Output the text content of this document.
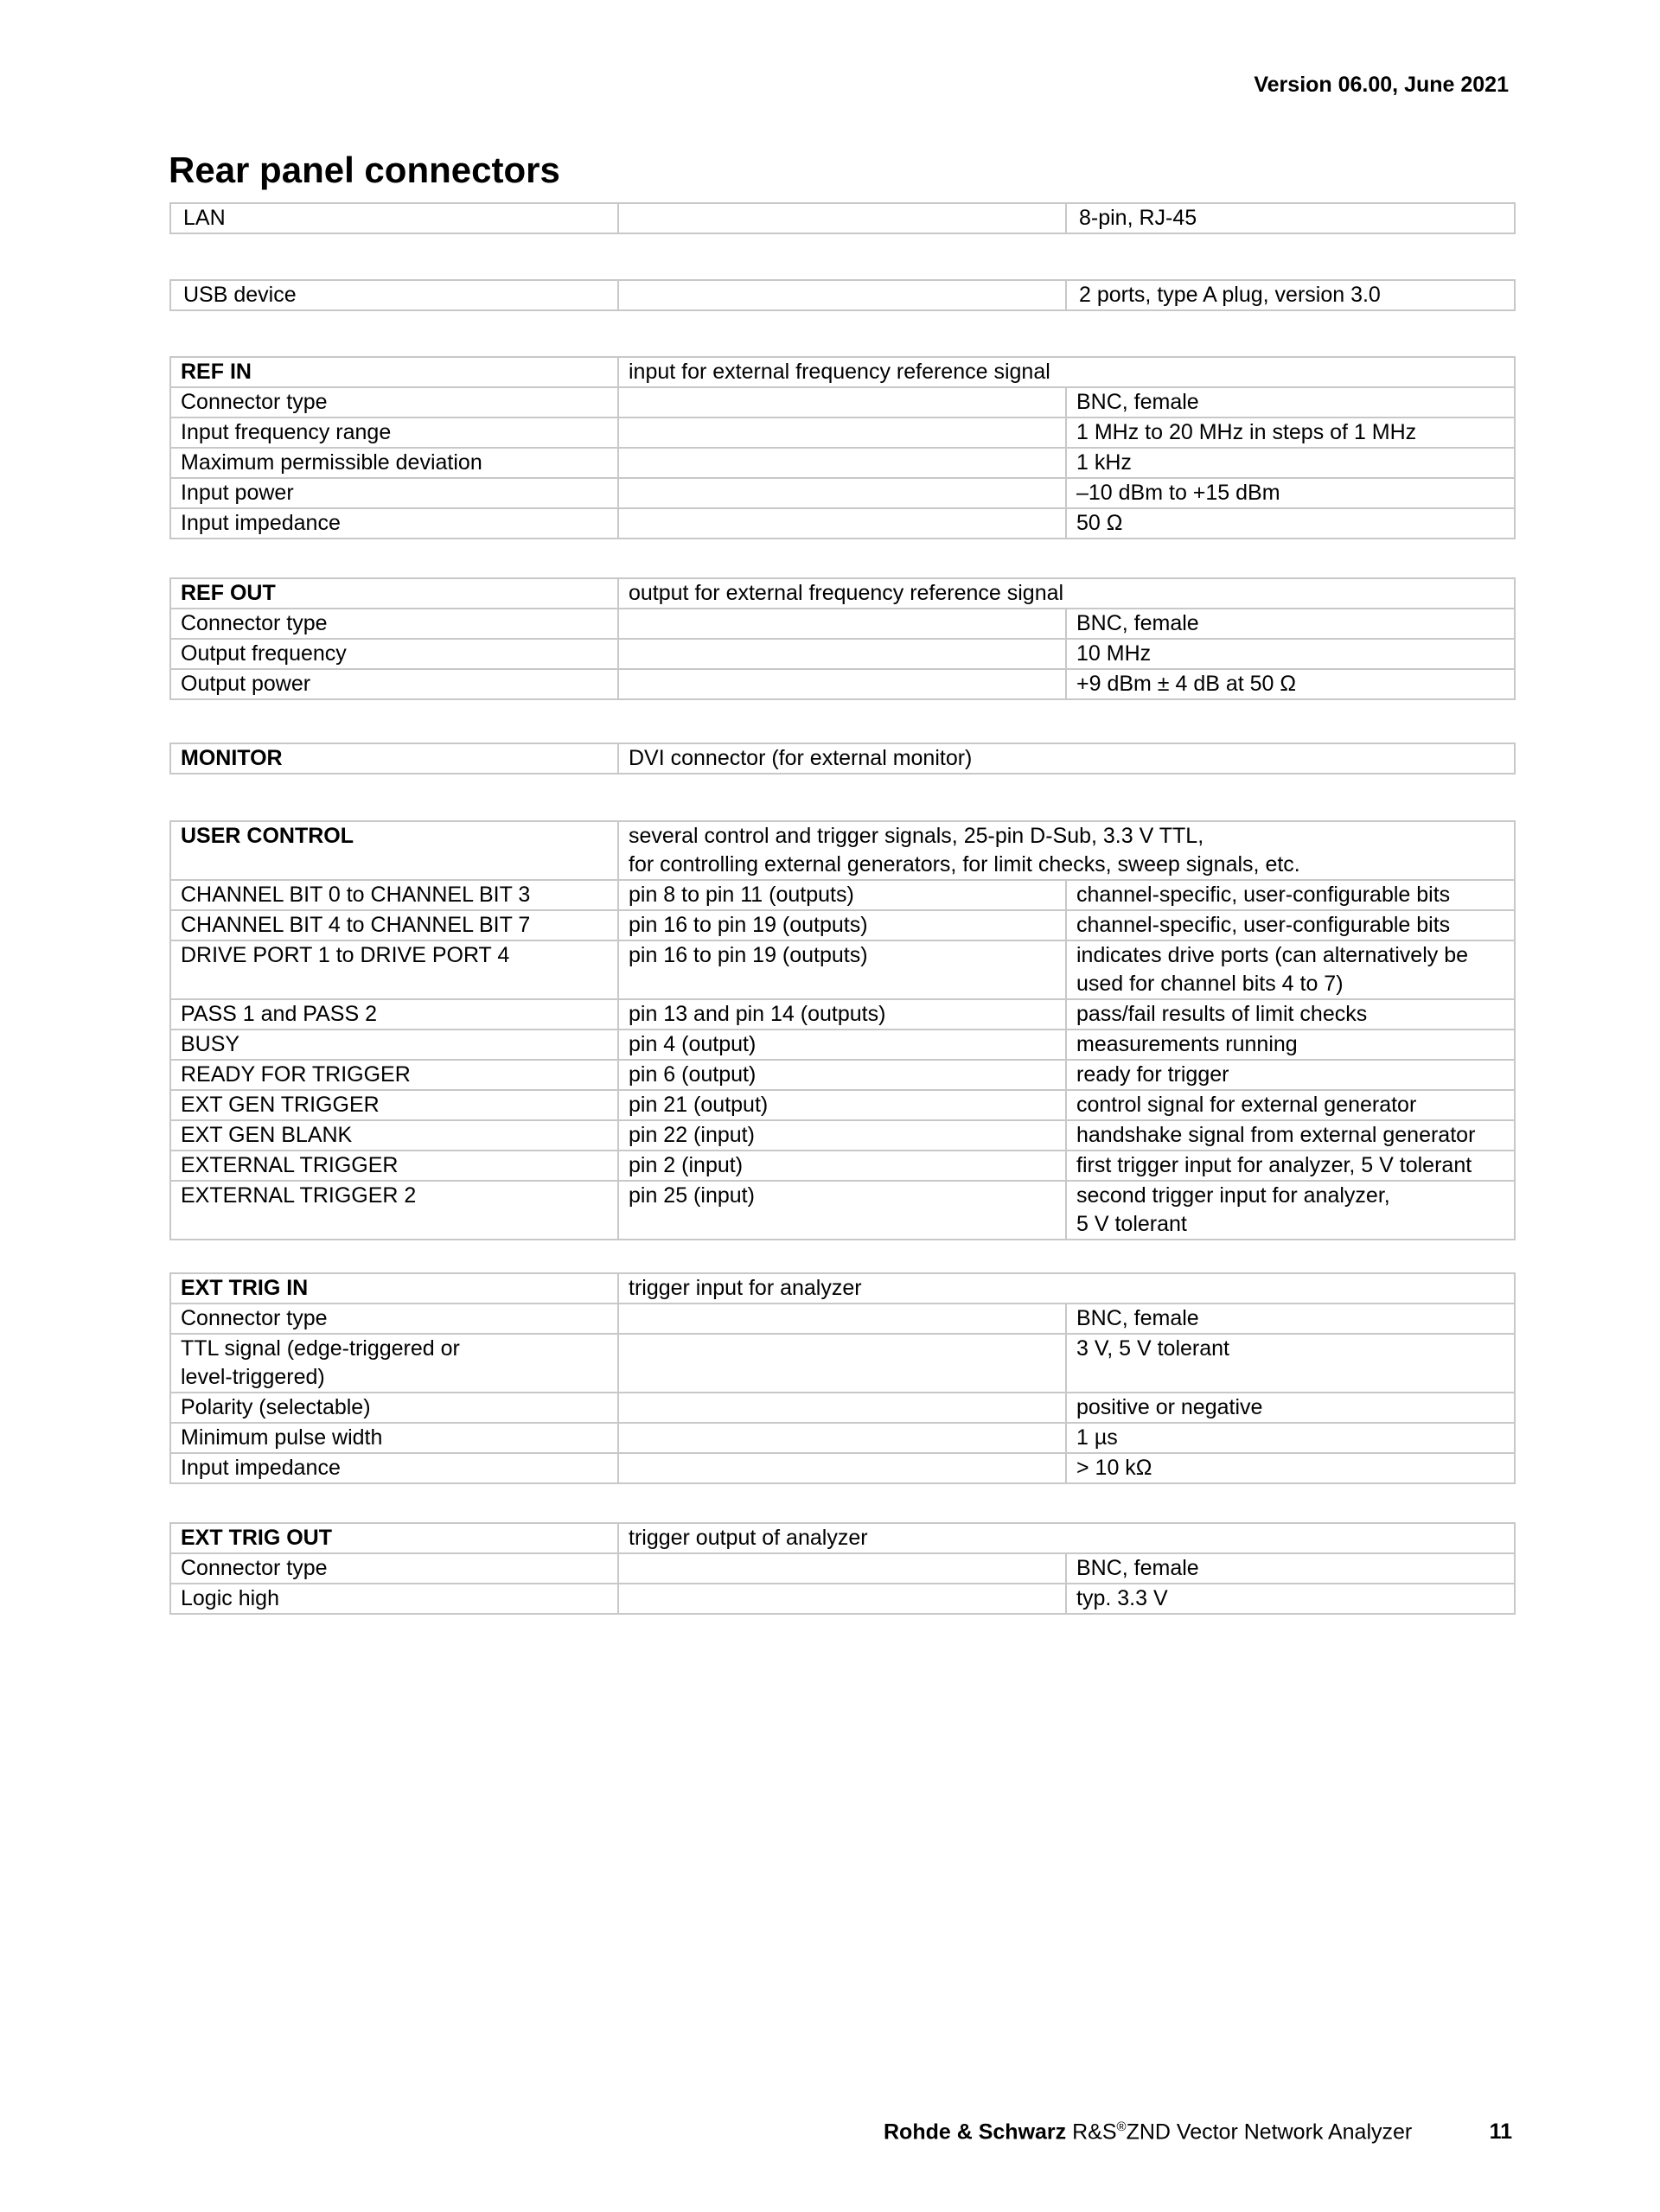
Version 06.00, June 2021
Rear panel connectors
LAN		8-pin, RJ-45
USB device		2 ports, type A plug, version 3.0
REF IN	input for external frequency reference signal	
Connector type		BNC, female
Input frequency range		1 MHz to 20 MHz in steps of 1 MHz
Maximum permissible deviation		1 kHz
Input power		–10 dBm to +15 dBm
Input impedance		50 Ω
REF OUT	output for external frequency reference signal	
Connector type		BNC, female
Output frequency		10 MHz
Output power		+9 dBm ± 4 dB at 50 Ω
MONITOR	DVI connector (for external monitor)
USER CONTROL	several control and trigger signals, 25-pin D-Sub, 3.3 V TTL,
for controlling external generators, for limit checks, sweep signals, etc.	
CHANNEL BIT 0 to CHANNEL BIT 3	pin 8 to pin 11 (outputs)	channel-specific, user-configurable bits
CHANNEL BIT 4 to CHANNEL BIT 7	pin 16 to pin 19 (outputs)	channel-specific, user-configurable bits
DRIVE PORT 1 to DRIVE PORT 4	pin 16 to pin 19 (outputs)	indicates drive ports (can alternatively be
used for channel bits 4 to 7)
PASS 1 and PASS 2	pin 13 and pin 14 (outputs)	pass/fail results of limit checks
BUSY	pin 4 (output)	measurements running
READY FOR TRIGGER	pin 6 (output)	ready for trigger
EXT GEN TRIGGER	pin 21 (output)	control signal for external generator
EXT GEN BLANK	pin 22 (input)	handshake signal from external generator
EXTERNAL TRIGGER	pin 2 (input)	first trigger input for analyzer, 5 V tolerant
EXTERNAL TRIGGER 2	pin 25 (input)	second trigger input for analyzer,
5 V tolerant
EXT TRIG IN	trigger input for analyzer	
Connector type		BNC, female
TTL signal (edge-triggered or
level-triggered)		3 V, 5 V tolerant
Polarity (selectable)		positive or negative
Minimum pulse width		1 µs
Input impedance		> 10 kΩ
EXT TRIG OUT	trigger output of analyzer	
Connector type		BNC, female
Logic high		typ. 3.3 V
Rohde & Schwarz R&S®ZND Vector Network Analyzer	11
